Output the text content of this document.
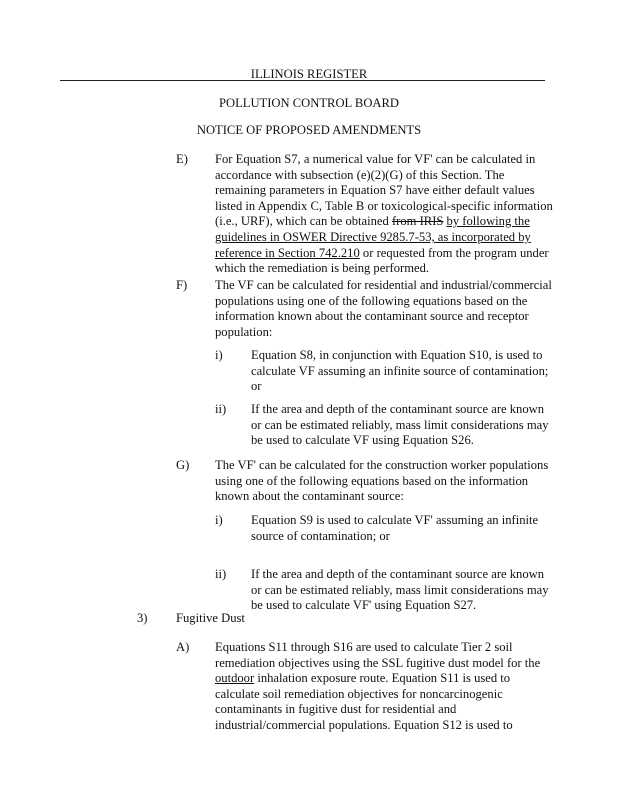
ILLINOIS REGISTER
POLLUTION CONTROL BOARD
NOTICE OF PROPOSED AMENDMENTS
E) For Equation S7, a numerical value for VF' can be calculated in
accordance with subsection (e)(2)(G) of this Section. The
remaining parameters in Equation S7 have either default values
listed in Appendix C, Table B or toxicological-specific information
(i.e., URF), which can be obtained from IRIS by following the
guidelines in OSWER Directive 9285.7-53, as incorporated by
reference in Section 742.210 or requested from the program under
which the remediation is being performed.
F) The VF can be calculated for residential and industrial/commercial
populations using one of the following equations based on the
information known about the contaminant source and receptor
population:
i) Equation S8, in conjunction with Equation S10, is used to
calculate VF assuming an infinite source of contamination;
or
ii) If the area and depth of the contaminant source are known
or can be estimated reliably, mass limit considerations may
be used to calculate VF using Equation S26.
G) The VF' can be calculated for the construction worker populations
using one of the following equations based on the information
known about the contaminant source:
i) Equation S9 is used to calculate VF' assuming an infinite
source of contamination; or
ii) If the area and depth of the contaminant source are known
or can be estimated reliably, mass limit considerations may
be used to calculate VF' using Equation S27.
3) Fugitive Dust
A) Equations S11 through S16 are used to calculate Tier 2 soil
remediation objectives using the SSL fugitive dust model for the
outdoor inhalation exposure route. Equation S11 is used to
calculate soil remediation objectives for noncarcinogenic
contaminants in fugitive dust for residential and
industrial/commercial populations. Equation S12 is used to
